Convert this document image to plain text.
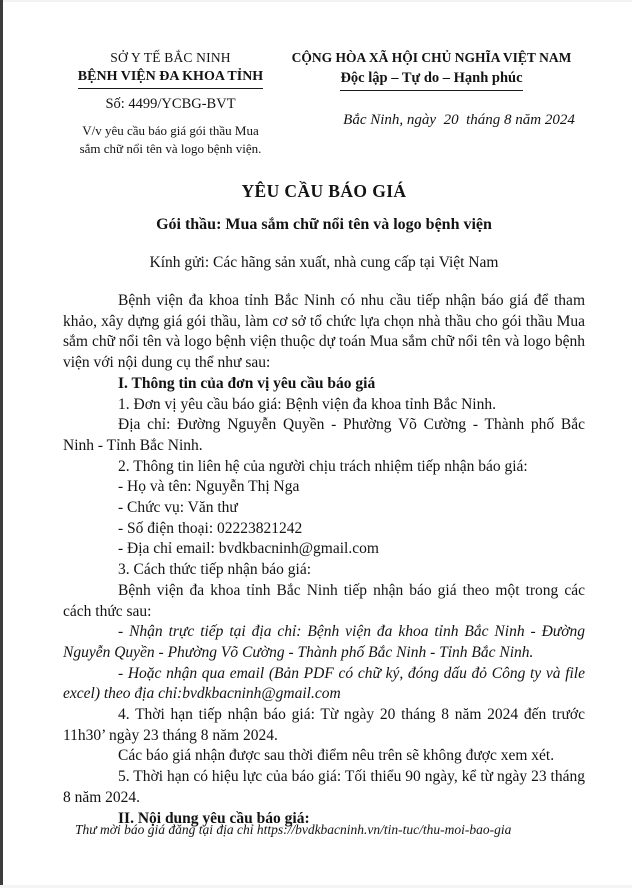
SỞ Y TẾ BẮC NINH
BỆNH VIỆN ĐA KHOA TỈNH
Số: 4499/YCBG-BVT
V/v yêu cầu báo giá gói thầu Mua
sắm chữ nổi tên và logo bệnh viện.
CỘNG HÒA XÃ HỘI CHỦ NGHĨA VIỆT NAM
Độc lập – Tự do – Hạnh phúc
Bắc Ninh, ngày  20  tháng 8 năm 2024
YÊU CẦU BÁO GIÁ
Gói thầu: Mua sắm chữ nổi tên và logo bệnh viện
Kính gửi: Các hãng sản xuất, nhà cung cấp tại Việt Nam

Bệnh viện đa khoa tỉnh Bắc Ninh có nhu cầu tiếp nhận báo giá để tham khảo, xây dựng giá gói thầu, làm cơ sở tổ chức lựa chọn nhà thầu cho gói thầu Mua sắm chữ nổi tên và logo bệnh viện thuộc dự toán Mua sắm chữ nổi tên và logo bệnh viện với nội dung cụ thể như sau:

I. Thông tin của đơn vị yêu cầu báo giá

1. Đơn vị yêu cầu báo giá: Bệnh viện đa khoa tỉnh Bắc Ninh.

Địa chỉ: Đường Nguyễn Quyền - Phường Võ Cường - Thành phố Bắc Ninh - Tỉnh Bắc Ninh.

2. Thông tin liên hệ của người chịu trách nhiệm tiếp nhận báo giá:

- Họ và tên: Nguyễn Thị Nga

- Chức vụ: Văn thư

- Số điện thoại: 02223821242

- Địa chỉ email: bvdkbacninh@gmail.com

3. Cách thức tiếp nhận báo giá:

Bệnh viện đa khoa tỉnh Bắc Ninh tiếp nhận báo giá theo một trong các cách thức sau:

- Nhận trực tiếp tại địa chỉ: Bệnh viện đa khoa tỉnh Bắc Ninh - Đường Nguyễn Quyền - Phường Võ Cường - Thành phố Bắc Ninh - Tỉnh Bắc Ninh.

- Hoặc nhận qua email (Bản PDF có chữ ký, đóng dấu đỏ Công ty và file excel) theo địa chỉ:bvdkbacninh@gmail.com

4. Thời hạn tiếp nhận báo giá: Từ ngày 20 tháng 8 năm 2024 đến trước 11h30’ ngày 23 tháng 8 năm 2024.

Các báo giá nhận được sau thời điểm nêu trên sẽ không được xem xét.

5. Thời hạn có hiệu lực của báo giá: Tối thiểu 90 ngày, kể từ ngày 23 tháng 8 năm 2024.

II. Nội dung yêu cầu báo giá:

Thư mời báo giá đăng tại địa chỉ https://bvdkbacninh.vn/tin-tuc/thu-moi-bao-gia
